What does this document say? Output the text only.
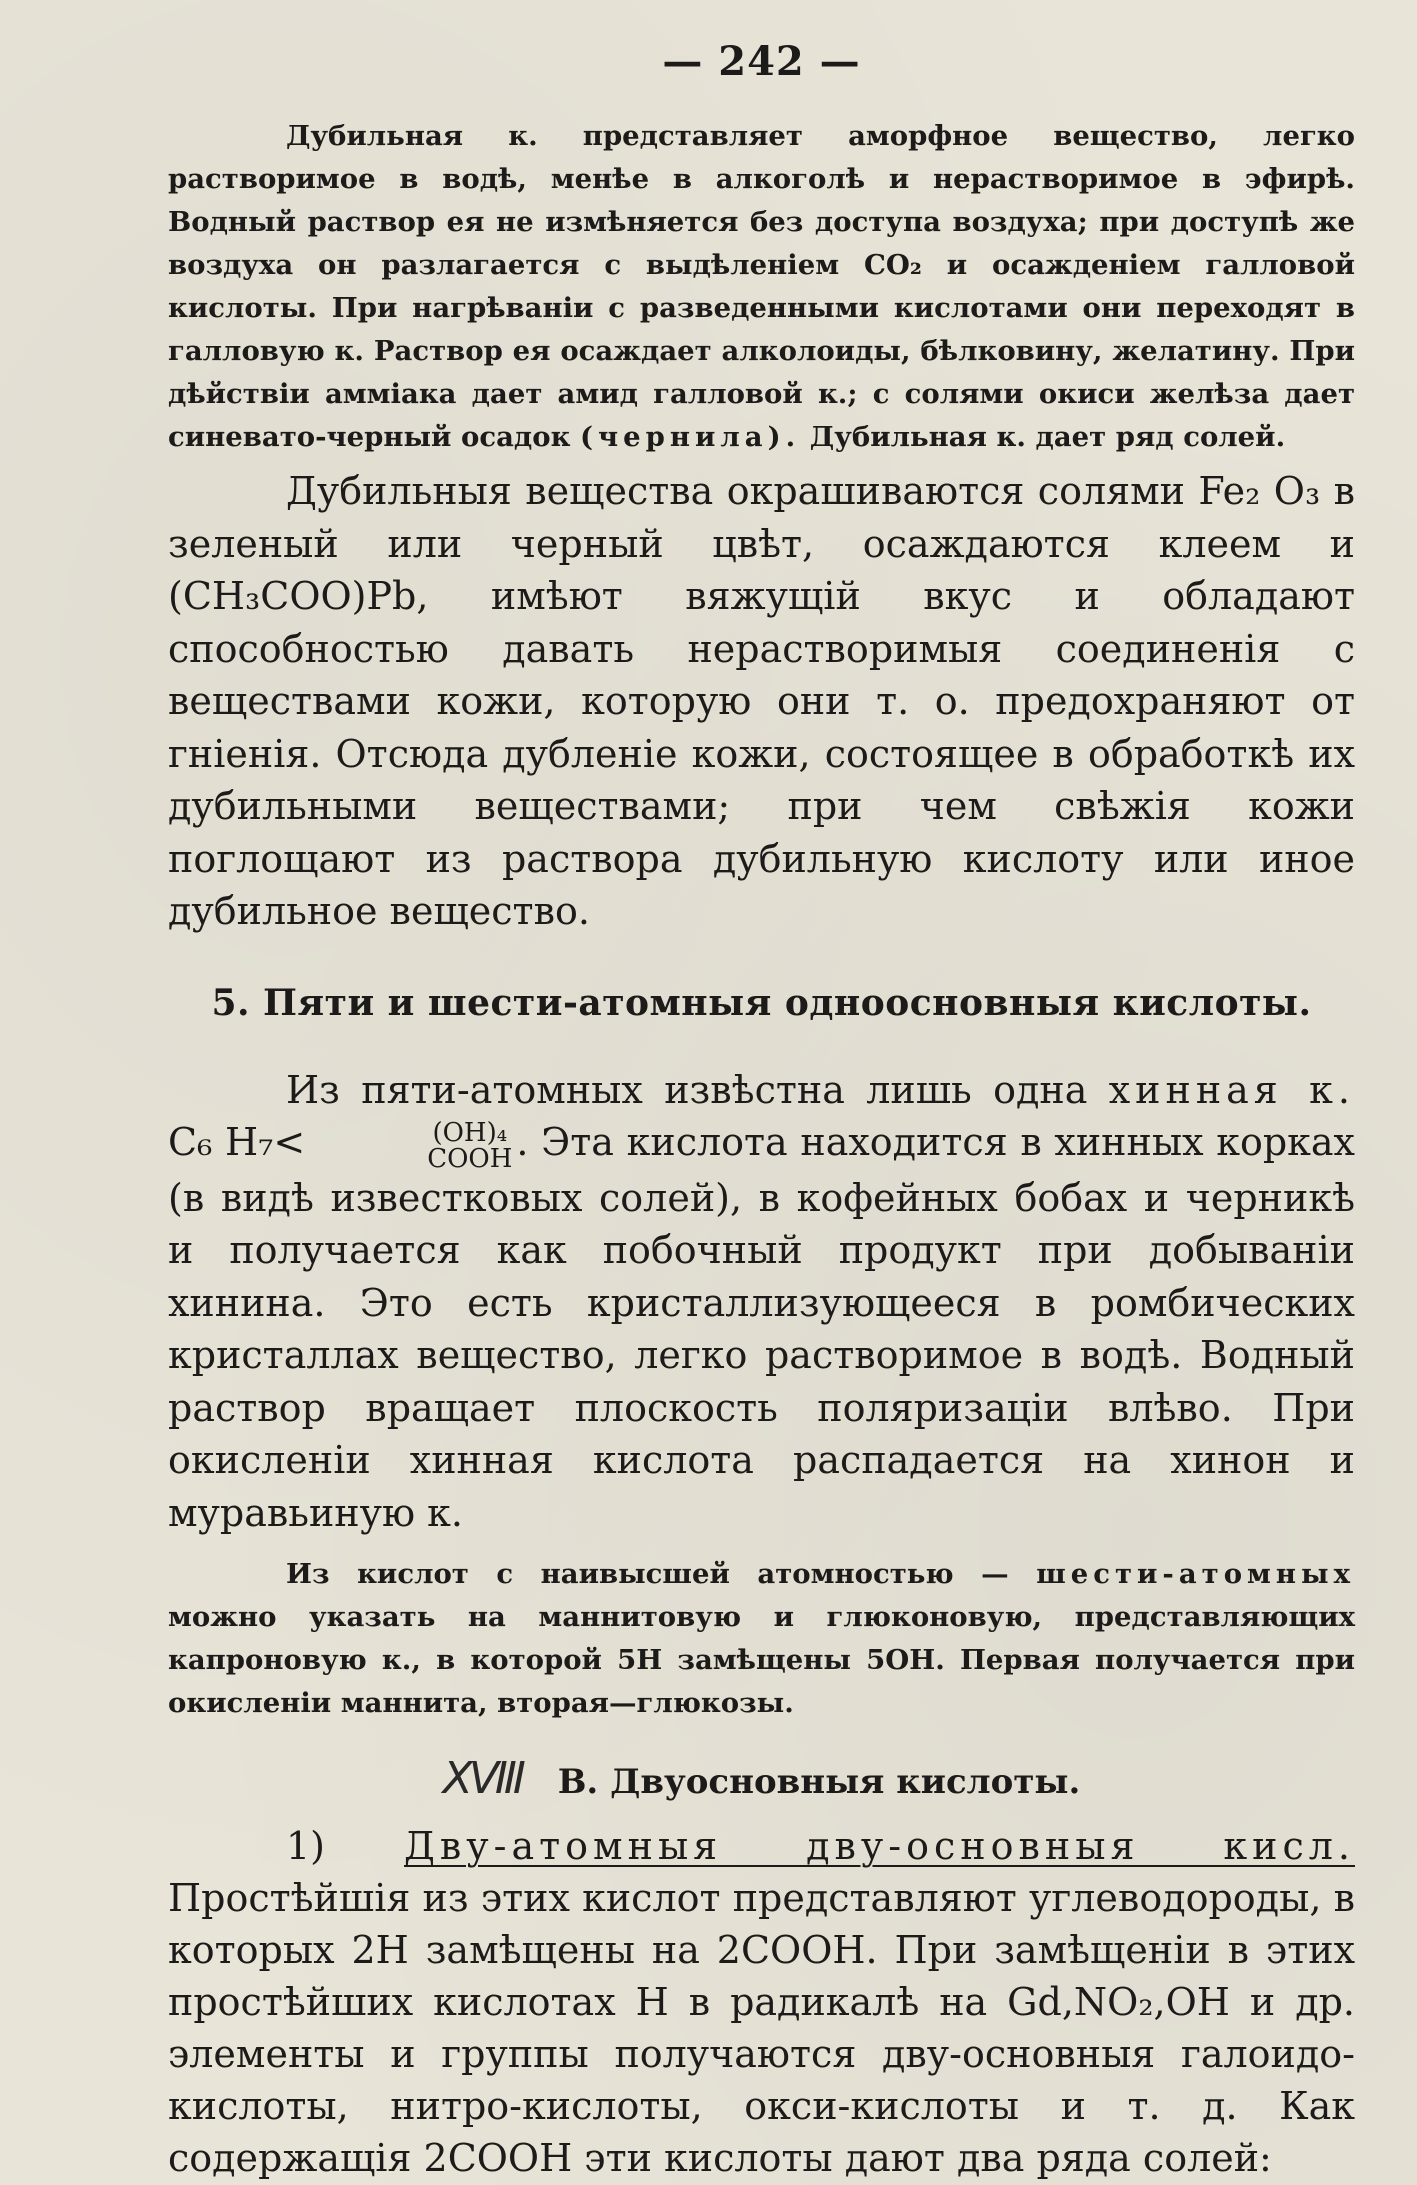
— 242 —

Дубильная к. представляет аморфное вещество, легко растворимое в водѣ, менѣе в алкоголѣ и нерастворимое в эфирѣ. Водный раствор ея не измѣняется без доступа воздуха; при доступѣ же воздуха он разлагается с выдѣленіем СО₂ и осажденіем галловой кислоты. При нагрѣваніи с разведенными кислотами они переходят в галловую к. Раствор ея осаждает алколоиды, бѣлковину, желатину. При дѣйствіи амміака дает амид галловой к.; с солями окиси желѣза дает синевато-черный осадок (чернила). Дубильная к. дает ряд солей.

Дубильныя вещества окрашиваются солями Fe₂ O₃ в зеленый или черный цвѣт, осаждаются клеем и (CH₃COO)Pb, имѣют вяжущій вкус и обладают способностью давать нерастворимыя соединенія с веществами кожи, которую они т. о. предохраняют от гніенія. Отсюда дубленіе кожи, состоящее в обработкѣ их дубильными веществами; при чем свѣжія кожи поглощают из раствора дубильную кислоту или иное дубильное вещество.

5. Пяти и шести-атомныя одноосновныя кислоты.

Из пяти-атомных извѣстна лишь одна хинная к. C₆ H₇<	(OH)₄
COOH . Эта кислота находится в хинных корках (в видѣ известковых солей), в кофейных бобах и черникѣ и получается как побочный продукт при добываніи хинина. Это есть кристаллизующееся в ромбических кристаллах вещество, легко растворимое в водѣ. Водный раствор вращает плоскость поляризаціи влѣво. При окисленіи хинная кислота распадается на хинон и муравьиную к.

Из кислот с наивысшей атомностью — шести-атомных можно указать на маннитовую и глюконовую, представляющих капроновую к., в которой 5H замѣщены 5OH. Первая получается при окисленіи маннита, вторая—глюкозы.

XVIII B. Двуосновныя кислоты.

1) Дву-атомныя дву-основныя кисл. Простѣйшія из этих кислот представляют углеводороды, в которых 2H замѣщены на 2COOH. При замѣщеніи в этих простѣйших кислотах H в радикалѣ на Gd,NO₂,OH и др. элементы и группы получаются дву-основныя галоидо-кислоты, нитро-кислоты, окси-кислоты и т. д. Как содержащія 2COOH эти кислоты дают два ряда солей:
